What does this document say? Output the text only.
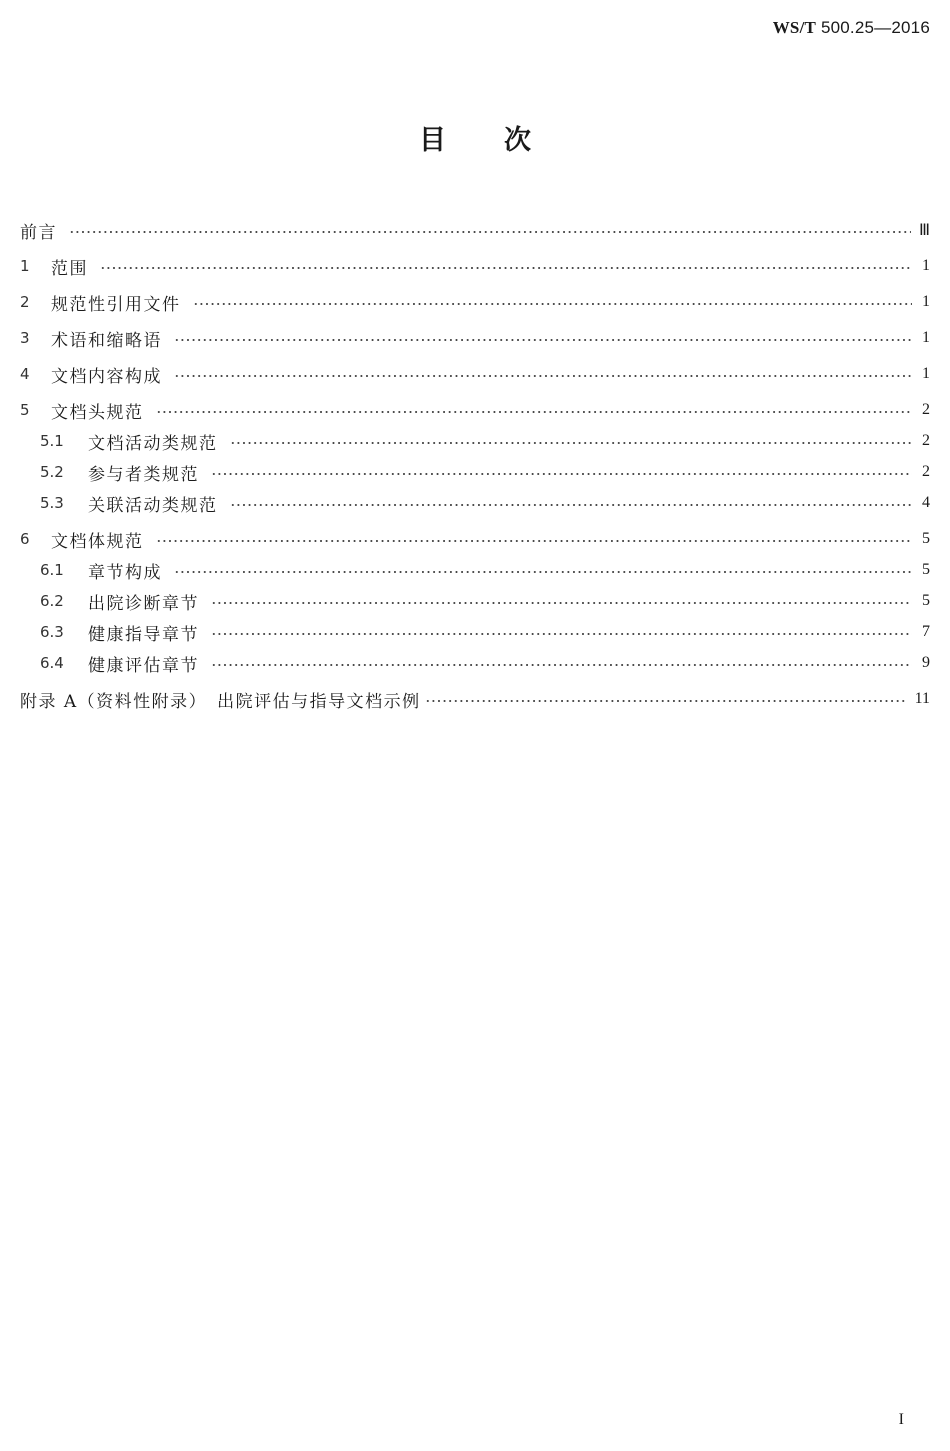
WS/T 500.25—2016
目次
前言	Ⅲ
1	范围	1
2	规范性引用文件	1
3	术语和缩略语	1
4	文档内容构成	1
5	文档头规范	2
5.1	文档活动类规范	2
5.2	参与者类规范	2
5.3	关联活动类规范	4
6	文档体规范	5
6.1	章节构成	5
6.2	出院诊断章节	5
6.3	健康指导章节	7
6.4	健康评估章节	9
附录 A（资料性附录）　出院评估与指导文档示例	11
I
